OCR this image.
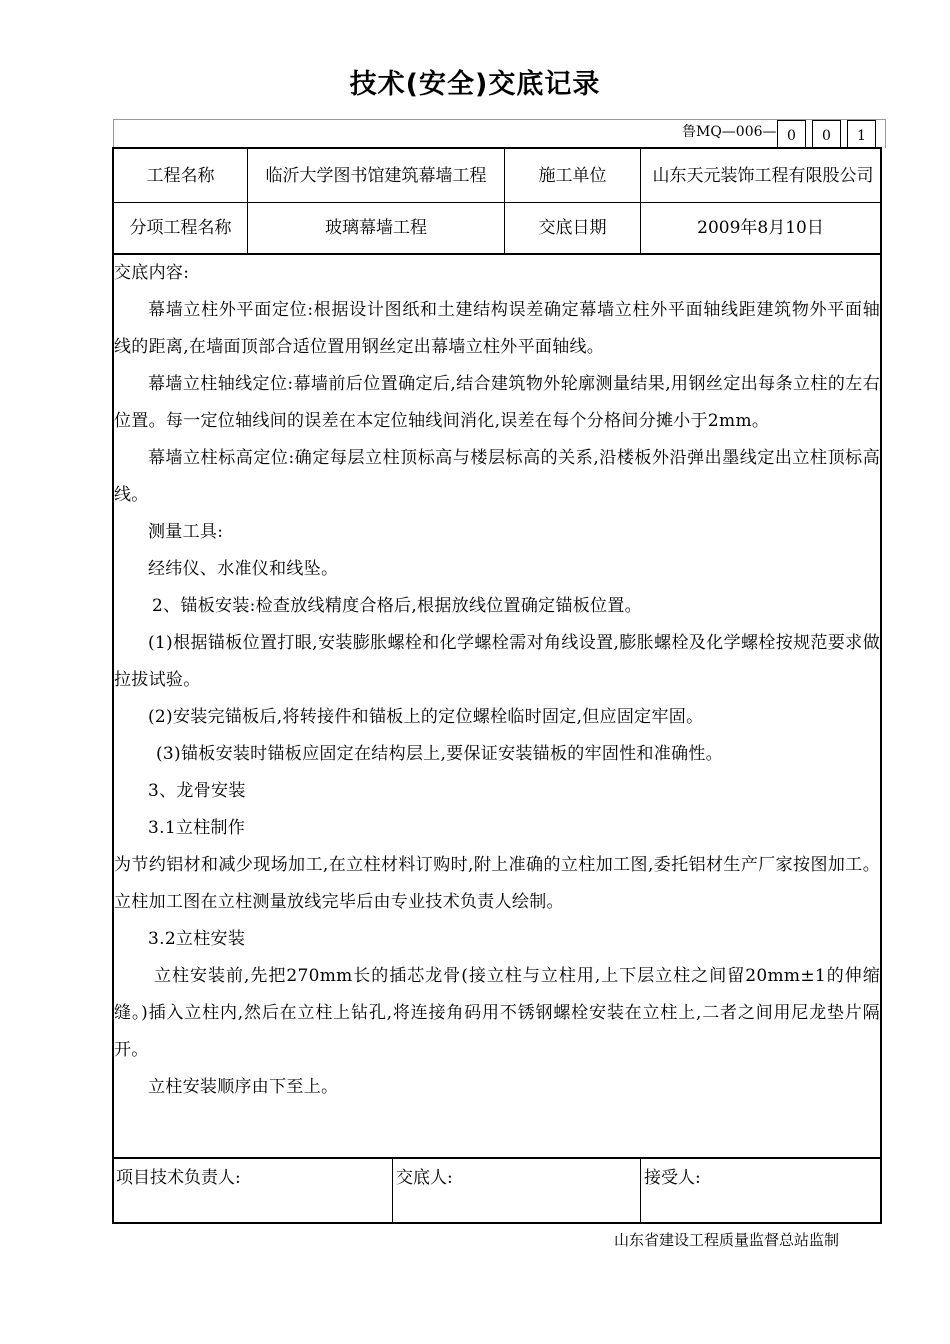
技术(安全)交底记录
鲁MQ—006— 0	0	1
工程名称	临沂大学图书馆建筑幕墙工程	施工单位	山东天元装饰工程有限股公司
分项工程名称	玻璃幕墙工程	交底日期	2009年8月10日

交底内容:

幕墙立柱外平面定位:根据设计图纸和土建结构误差确定幕墙立柱外平面轴线距建筑物外平面轴线的距离,在墙面顶部合适位置用钢丝定出幕墙立柱外平面轴线。

幕墙立柱轴线定位:幕墙前后位置确定后,结合建筑物外轮廓测量结果,用钢丝定出每条立柱的左右位置。每一定位轴线间的误差在本定位轴线间消化,误差在每个分格间分摊小于2mm。

幕墙立柱标高定位:确定每层立柱顶标高与楼层标高的关系,沿楼板外沿弹出墨线定出立柱顶标高线。

测量工具:

经纬仪、水准仪和线坠。

2、锚板安装:检查放线精度合格后,根据放线位置确定锚板位置。

(1)根据锚板位置打眼,安装膨胀螺栓和化学螺栓需对角线设置,膨胀螺栓及化学螺栓按规范要求做拉拔试验。

(2)安装完锚板后,将转接件和锚板上的定位螺栓临时固定,但应固定牢固。

(3)锚板安装时锚板应固定在结构层上,要保证安装锚板的牢固性和准确性。

3、龙骨安装

3.1立柱制作

为节约铝材和减少现场加工,在立柱材料订购时,附上准确的立柱加工图,委托铝材生产厂家按图加工。立柱加工图在立柱测量放线完毕后由专业技术负责人绘制。

3.2立柱安装

立柱安装前,先把270mm长的插芯龙骨(接立柱与立柱用,上下层立柱之间留20mm±1的伸缩缝。)插入立柱内,然后在立柱上钻孔,将连接角码用不锈钢螺栓安装在立柱上,二者之间用尼龙垫片隔开。

立柱安装顺序由下至上。

项目技术负责人:	交底人:	接受人:
山东省建设工程质量监督总站监制
